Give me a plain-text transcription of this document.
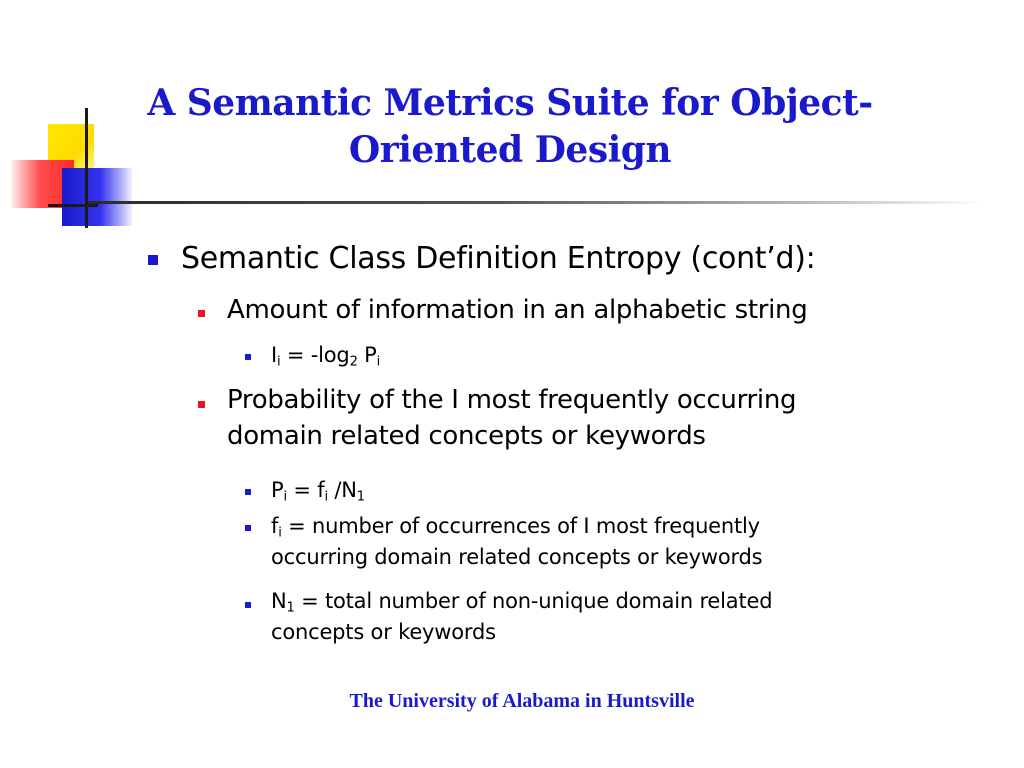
A Semantic Metrics Suite for Object-
Oriented Design
Semantic Class Definition Entropy (cont’d):
Amount of information in an alphabetic string
$I_i = -\log_2$ $P_i$
Probability of the I most frequently occurring
domain related concepts or keywords
$P_i = f_i$ $/N_1$
$f_i$ = number of occurrences of I most frequently
occurring domain related concepts or keywords
$N_1$ = total number of non-unique domain related
concepts or keywords
The University of Alabama in Huntsville
